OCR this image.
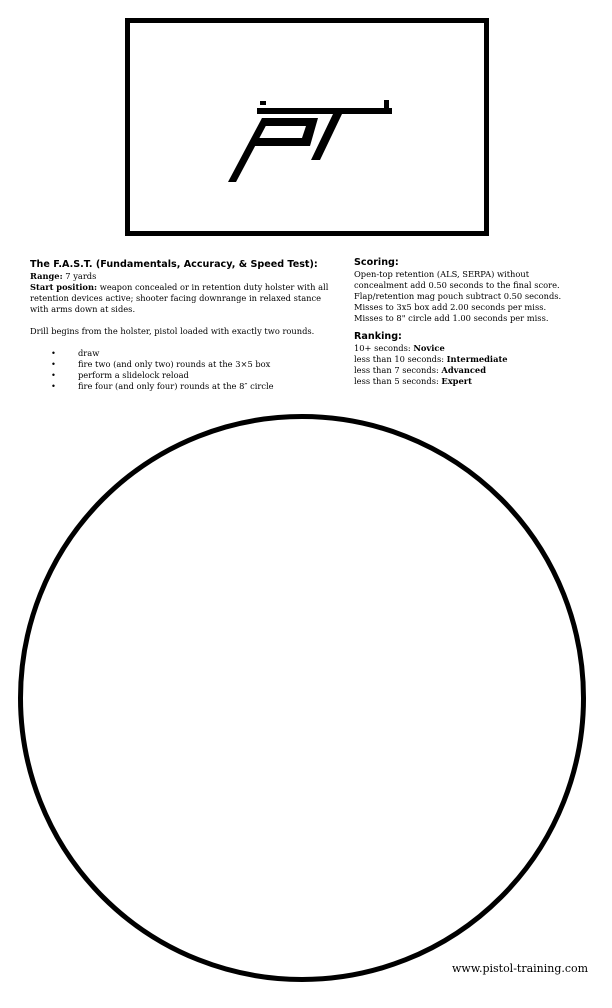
The F.A.S.T. (Fundamentals, Accuracy, & Speed Test):

Range: 7 yards

Start position: weapon concealed or in retention duty holster with all retention devices active; shooter facing downrange in relaxed stance with arms down at sides.

Drill begins from the holster, pistol loaded with exactly two rounds.

• draw
• fire two (and only two) rounds at the 3×5 box
• perform a slidelock reload
• fire four (and only four) rounds at the 8″ circle

Scoring:

Open-top retention (ALS, SERPA) without concealment add 0.50 seconds to the final score.

Flap/retention mag pouch subtract 0.50 seconds.

Misses to 3x5 box add 2.00 seconds per miss.

Misses to 8" circle add 1.00 seconds per miss.

Ranking:

10+ seconds: Novice

less than 10 seconds: Intermediate

less than 7 seconds: Advanced

less than 5 seconds: Expert

www.pistol-training.com
